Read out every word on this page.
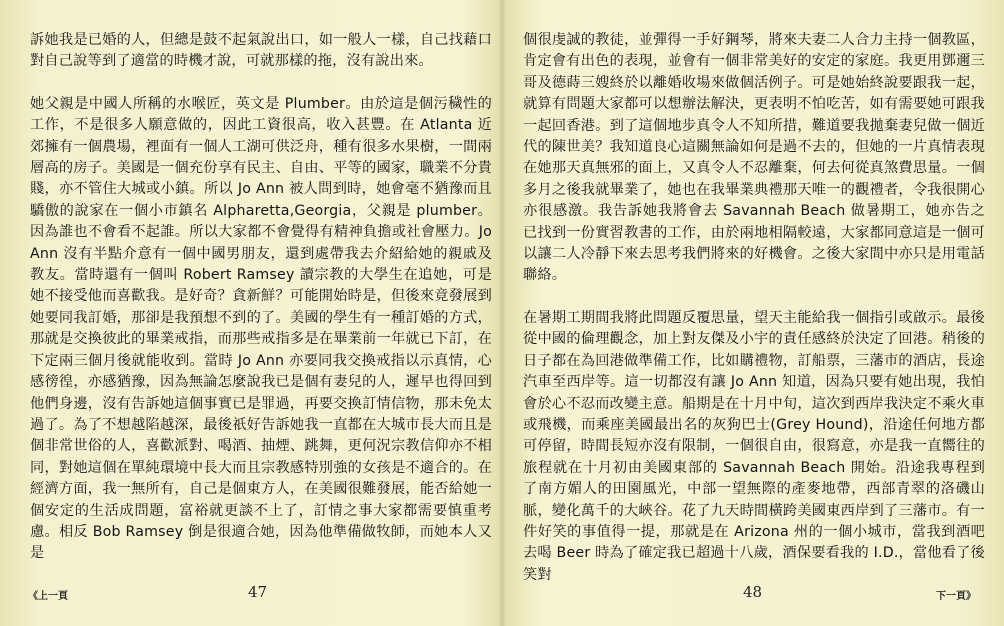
訴她我是已婚的人，但總是鼓不起氣說出口，如一般人一樣，自己找藉口對自己說等到了適當的時機才說，可就那樣的拖，沒有說出來。

她父親是中國人所稱的水喉匠，英文是 Plumber。由於這是個污穢性的工作，不是很多人願意做的，因此工資很高，收入甚豐。在 Atlanta 近郊擁有一個農場，裡面有一個人工湖可供泛舟，種有很多水果樹，一間兩層高的房子。美國是一個充份享有民主、自由、平等的國家，職業不分貴賤，亦不管住大城或小鎮。所以 Jo Ann 被人問到時，她會毫不猶豫而且驕傲的說家在一個小市鎮名 Alpharetta,Georgia，父親是 plumber。因為誰也不會看不起誰。所以大家都不會覺得有精神負擔或社會壓力。Jo Ann 沒有半點介意有一個中國男朋友，還到處帶我去介紹給她的親戚及教友。當時還有一個叫 Robert Ramsey 讀宗教的大學生在追她，可是她不接受他而喜歡我。是好奇？貪新鮮？可能開始時是，但後來竟發展到她要同我訂婚，那卻是我預想不到的了。美國的學生有一種訂婚的方式，那就是交換彼此的畢業戒指，而那些戒指多是在畢業前一年就已下訂，在下定兩三個月後就能收到。當時 Jo Ann 亦要同我交換戒指以示真情，心感徬徨，亦感猶豫，因為無論怎麼說我已是個有妻兒的人，遲早也得回到他們身邊，沒有告訴她這個事實已是罪過，再要交換訂情信物，那未免太過了。為了不想越陷越深，最後祇好告訴她我一直都在大城市長大而且是個非常世俗的人，喜歡派對、喝酒、抽煙、跳舞，更何況宗教信仰亦不相同，對她這個在單純環境中長大而且宗教感特別強的女孩是不適合的。在經濟方面，我一無所有，自己是個東方人，在美國很難發展，能否給她一個安定的生活成問題，富裕就更談不上了，訂情之事大家都需要慎重考慮。相反 Bob Ramsey 倒是很適合她，因為他準備做牧師，而她本人又是

個很虔誠的教徒，並彈得一手好鋼琴，將來夫妻二人合力主持一個教區，肯定會有出色的表現，並會有一個非常美好的安定的家庭。我更用鄧邇三哥及德蒔三嫂終於以離婚收場來做個活例子。可是她始終說要跟我一起，就算有問題大家都可以想辦法解決，更表明不怕吃苦，如有需要她可跟我一起回香港。到了這個地步真令人不知所措，難道要我拋棄妻兒做一個近代的陳世美？我知道良心這關無論如何是過不去的，但她的一片真情表現在她那天真無邪的面上，又真令人不忍離棄，何去何從真煞費思量。一個多月之後我就畢業了，她也在我畢業典禮那天唯一的觀禮者，令我很開心亦很感激。我告訴她我將會去 Savannah Beach 做暑期工，她亦告之已找到一份實習教書的工作，由於兩地相隔較遠，大家都同意這是一個可以讓二人冷靜下來去思考我們將來的好機會。之後大家間中亦只是用電話聯絡。

在暑期工期間我將此問題反覆思量，望天主能給我一個指引或啟示。最後從中國的倫理觀念，加上對友傑及小宇的責任感終於決定了回港。稍後的日子都在為回港做準備工作，比如購禮物，訂船票，三藩市的酒店，長途汽車至西岸等。這一切都沒有讓 Jo Ann 知道，因為只要有她出現，我怕會於心不忍而改變主意。船期是在十月中旬，這次到西岸我決定不乘火車或飛機，而乘座美國最出名的灰狗巴士(Grey Hound)，沿途任何地方都可停留，時間長短亦沒有限制，一個很自由，很寫意，亦是我一直嚮往的旅程就在十月初由美國東部的 Savannah Beach 開始。沿途我專程到了南方媚人的田園風光，中部一望無際的產麥地帶，西部青翠的洛磯山脈，變化萬千的大峽谷。花了九天時間橫跨美國東西岸到了三藩市。有一件好笑的事值得一提，那就是在 Arizona 州的一個小城市，當我到酒吧去喝 Beer 時為了確定我已超過十八歲，酒保要看我的 I.D.，當他看了後笑對

《上一頁	47	48	下一頁》
